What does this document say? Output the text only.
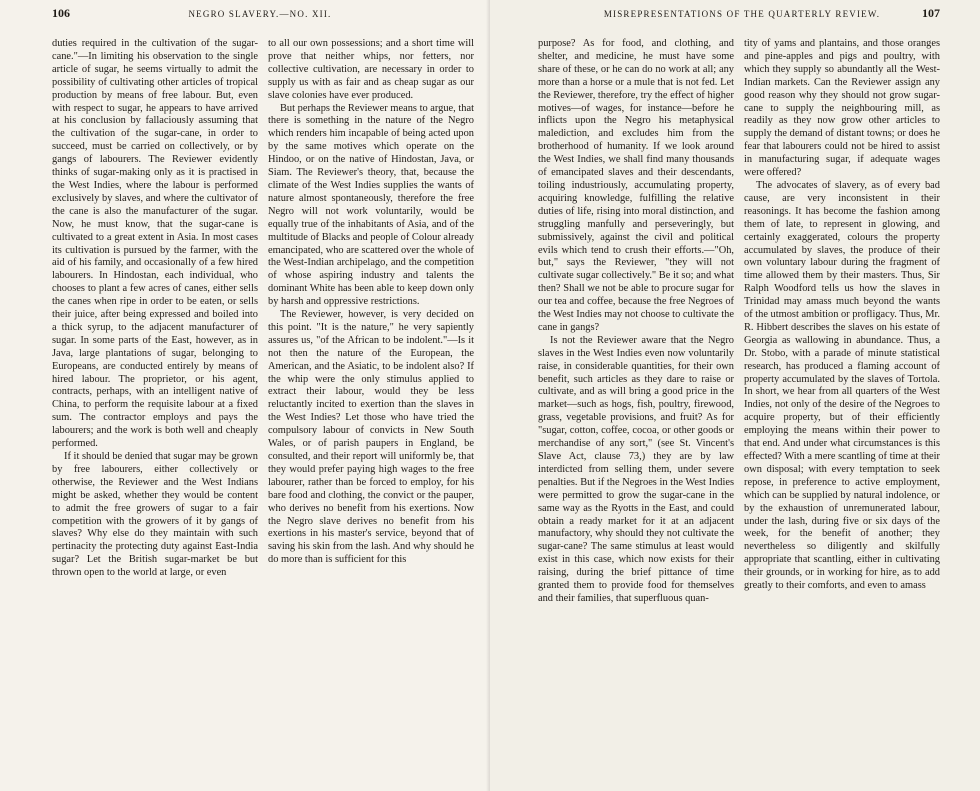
106	NEGRO SLAVERY.—NO. XII.

duties required in the cultivation of the sugar-cane."—In limiting his observation to the single article of sugar, he seems virtually to admit the possibility of cultivating other articles of tropical production by means of free labour. But, even with respect to sugar, he appears to have arrived at his conclusion by fallaciously assuming that the cultivation of the sugar-cane, in order to succeed, must be carried on collectively, or by gangs of labourers. The Reviewer evidently thinks of sugar-making only as it is practised in the West Indies, where the labour is performed exclusively by slaves, and where the cultivator of the cane is also the manufacturer of the sugar. Now, he must know, that the sugar-cane is cultivated to a great extent in Asia. In most cases its cultivation is pursued by the farmer, with the aid of his family, and occasionally of a few hired labourers. In Hindostan, each individual, who chooses to plant a few acres of canes, either sells the canes when ripe in order to be eaten, or sells their juice, after being expressed and boiled into a thick syrup, to the adjacent manufacturer of sugar. In some parts of the East, however, as in Java, large plantations of sugar, belonging to Europeans, are conducted entirely by means of hired labour. The proprietor, or his agent, contracts, perhaps, with an intelligent native of China, to perform the requisite labour at a fixed sum. The contractor employs and pays the labourers; and the work is both well and cheaply performed.

If it should be denied that sugar may be grown by free labourers, either collectively or otherwise, the Reviewer and the West Indians might be asked, whether they would be content to admit the free growers of sugar to a fair competition with the growers of it by gangs of slaves? Why else do they maintain with such pertinacity the protecting duty against East-India sugar? Let the British sugar-market be but thrown open to the world at large, or even

to all our own possessions; and a short time will prove that neither whips, nor fetters, nor collective cultivation, are necessary in order to supply us with as fair and as cheap sugar as our slave colonies have ever produced.

But perhaps the Reviewer means to argue, that there is something in the nature of the Negro which renders him incapable of being acted upon by the same motives which operate on the Hindoo, or on the native of Hindostan, Java, or Siam. The Reviewer's theory, that, because the climate of the West Indies supplies the wants of nature almost spontaneously, therefore the free Negro will not work voluntarily, would be equally true of the inhabitants of Asia, and of the multitude of Blacks and people of Colour already emancipated, who are scattered over the whole of the West-Indian archipelago, and the competition of whose aspiring industry and talents the dominant White has been able to keep down only by harsh and oppressive restrictions.

The Reviewer, however, is very decided on this point. "It is the nature," he very sapiently assures us, "of the African to be indolent."—Is it not then the nature of the European, the American, and the Asiatic, to be indolent also? If the whip were the only stimulus applied to extract their labour, would they be less reluctantly incited to exertion than the slaves in the West Indies? Let those who have tried the compulsory labour of convicts in New South Wales, or of parish paupers in England, be consulted, and their report will uniformly be, that they would prefer paying high wages to the free labourer, rather than be forced to employ, for his bare food and clothing, the convict or the pauper, who derives no benefit from his exertions. Now the Negro slave derives no benefit from his exertions in his master's service, beyond that of saving his skin from the lash. And why should he do more than is sufficient for this

MISREPRESENTATIONS OF THE QUARTERLY REVIEW.	107

purpose? As for food, and clothing, and shelter, and medicine, he must have some share of these, or he can do no work at all; any more than a horse or a mule that is not fed. Let the Reviewer, therefore, try the effect of higher motives—of wages, for instance—before he inflicts upon the Negro his metaphysical malediction, and excludes him from the brotherhood of humanity. If we look around the West Indies, we shall find many thousands of emancipated slaves and their descendants, toiling industriously, accumulating property, acquiring knowledge, fulfilling the relative duties of life, rising into moral distinction, and struggling manfully and perseveringly, but submissively, against the civil and political evils which tend to crush their efforts.—"Oh, but," says the Reviewer, "they will not cultivate sugar collectively." Be it so; and what then? Shall we not be able to procure sugar for our tea and coffee, because the free Negroes of the West Indies may not choose to cultivate the cane in gangs?

Is not the Reviewer aware that the Negro slaves in the West Indies even now voluntarily raise, in considerable quantities, for their own benefit, such articles as they dare to raise or cultivate, and as will bring a good price in the market—such as hogs, fish, poultry, firewood, grass, vegetable provisions, and fruit? As for "sugar, cotton, coffee, cocoa, or other goods or merchandise of any sort," (see St. Vincent's Slave Act, clause 73,) they are by law interdicted from selling them, under severe penalties. But if the Negroes in the West Indies were permitted to grow the sugar-cane in the same way as the Ryotts in the East, and could obtain a ready market for it at an adjacent manufactory, why should they not cultivate the sugar-cane? The same stimulus at least would exist in this case, which now exists for their raising, during the brief pittance of time granted them to provide food for themselves and their families, that superfluous quan-

tity of yams and plantains, and those oranges and pine-apples and pigs and poultry, with which they supply so abundantly all the West-Indian markets. Can the Reviewer assign any good reason why they should not grow sugar-cane to supply the neighbouring mill, as readily as they now grow other articles to supply the demand of distant towns; or does he fear that labourers could not be hired to assist in manufacturing sugar, if adequate wages were offered?

The advocates of slavery, as of every bad cause, are very inconsistent in their reasonings. It has become the fashion among them of late, to represent in glowing, and certainly exaggerated, colours the property accumulated by slaves, the produce of their own voluntary labour during the fragment of time allowed them by their masters. Thus, Sir Ralph Woodford tells us how the slaves in Trinidad may amass much beyond the wants of the utmost ambition or profligacy. Thus, Mr. R. Hibbert describes the slaves on his estate of Georgia as wallowing in abundance. Thus, a Dr. Stobo, with a parade of minute statistical research, has produced a flaming account of property accumulated by the slaves of Tortola. In short, we hear from all quarters of the West Indies, not only of the desire of the Negroes to acquire property, but of their efficiently employing the means within their power to that end. And under what circumstances is this effected? With a mere scantling of time at their own disposal; with every temptation to seek repose, in preference to active employment, which can be supplied by natural indolence, or by the exhaustion of unremunerated labour, under the lash, during five or six days of the week, for the benefit of another; they nevertheless so diligently and skilfully appropriate that scantling, either in cultivating their grounds, or in working for hire, as to add greatly to their comforts, and even to amass
